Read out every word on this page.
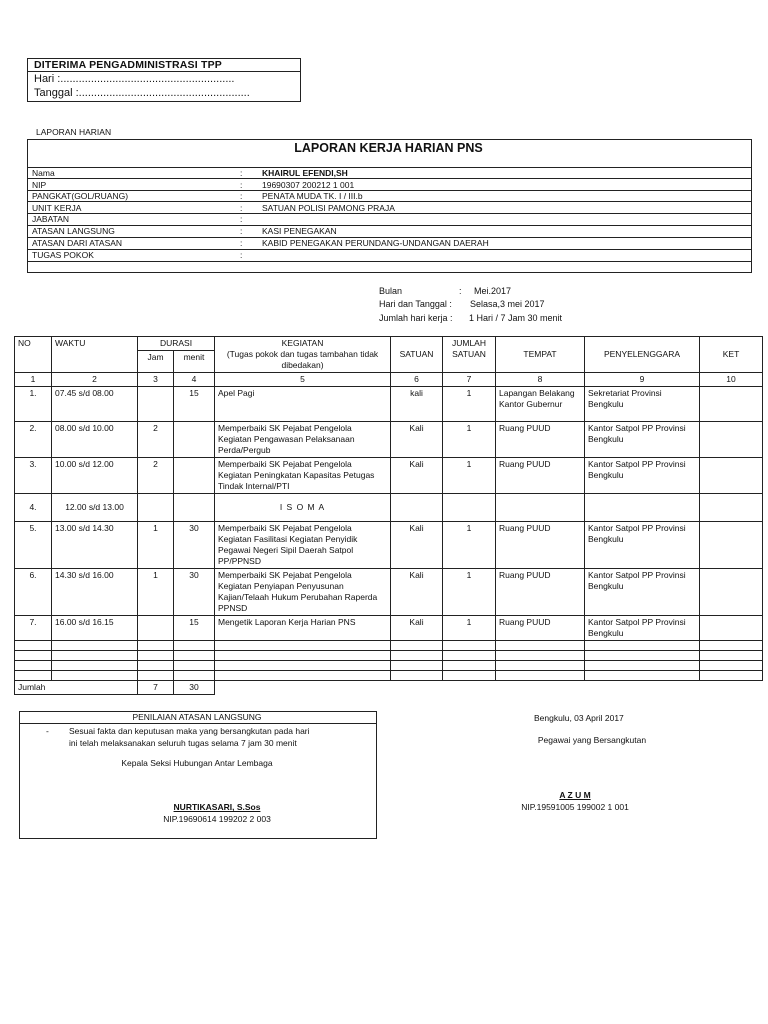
DITERIMA PENGADMINISTRASI TPP
Hari :.........................................................
Tanggal :........................................................
LAPORAN HARIAN
LAPORAN KERJA HARIAN PNS
Nama	: KHAIRUL EFENDI,SH
NIP	: 19690307 200212 1 001
PANGKAT(GOL/RUANG)	: PENATA MUDA TK. I / III.b
UNIT KERJA	: SATUAN POLISI PAMONG PRAJA
JABATAN	:
ATASAN LANGSUNG	: KASI PENEGAKAN
ATASAN DARI ATASAN	: KABID PENEGAKAN PERUNDANG-UNDANGAN DAERAH
TUGAS POKOK	:
Bulan	: Mei.2017
Hari dan Tanggal : Selasa,3 mei 2017
Jumlah hari kerja : 1 Hari / 7 Jam 30 menit
NO	WAKTU	DURASI		KEGIATAN
(Tugas pokok dan tugas tambahan tidak dibedakan)	SATUAN	JUMLAH SATUAN	TEMPAT	PENYELENGGARA	KET
		Jam	menit						
1	2	3	4	5	6	7	8	9	10
1.	07.45 s/d 08.00		15	Apel Pagi	kali	1	Lapangan Belakang Kantor Gubernur	Sekretariat Provinsi Bengkulu	
2.	08.00 s/d 10.00	2		Memperbaiki SK Pejabat Pengelola Kegiatan Pengawasan Pelaksanaan Perda/Pergub	Kali	1	Ruang PUUD	Kantor Satpol PP Provinsi Bengkulu	
3.	10.00 s/d 12.00	2		Memperbaiki SK Pejabat Pengelola Kegiatan Peningkatan Kapasitas Petugas Tindak Internal/PTI	Kali	1	Ruang PUUD	Kantor Satpol PP Provinsi Bengkulu	
4.	12.00 s/d 13.00			I S O M A					
5.	13.00 s/d 14.30	1	30	Memperbaiki SK Pejabat Pengelola Kegiatan Fasilitasi Kegiatan Penyidik Pegawai Negeri Sipil Daerah Satpol PP/PPNSD	Kali	1	Ruang PUUD	Kantor Satpol PP Provinsi Bengkulu	
6.	14.30 s/d 16.00	1	30	Memperbaiki SK Pejabat Pengelola Kegiatan Penyiapan Penyusunan Kajian/Telaah Hukum Perubahan Raperda PPNSD	Kali	1	Ruang PUUD	Kantor Satpol PP Provinsi Bengkulu	
7.	16.00 s/d 16.15		15	Mengetik Laporan Kerja Harian PNS	Kali	1	Ruang PUUD	Kantor Satpol PP Provinsi Bengkulu	

Jumlah		7	30						
PENILAIAN ATASAN LANGSUNG
- Sesuai fakta dan keputusan maka yang bersangkutan pada hari
ini telah melaksanakan seluruh tugas selama 7 jam 30 menit
Kepala Seksi Hubungan Antar Lembaga
NURTIKASARI, S.Sos
NIP.19690614 199202 2 003
Bengkulu, 03 April 2017
Pegawai yang Bersangkutan
A Z U M
NIP.19591005 199002 1 001
